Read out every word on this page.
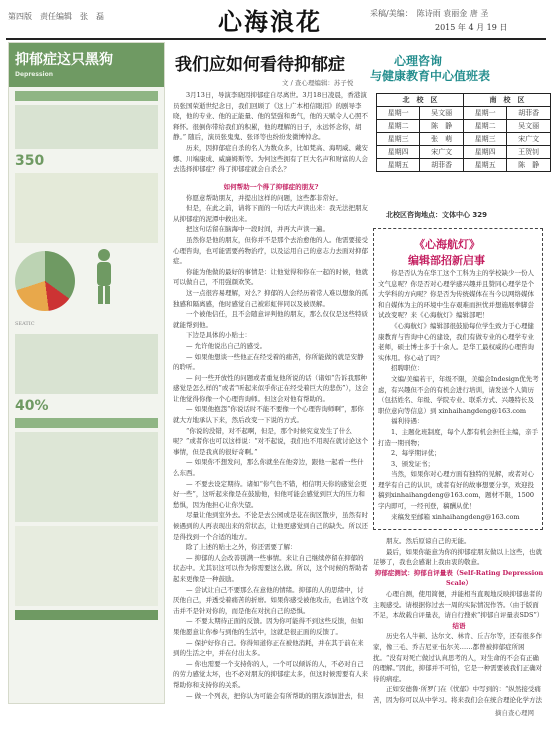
第四版　责任编辑　张　磊	心海浪花	采稿/美编：　陈诗雨 袁丽金 唐 圣
2015 年 4 月 19 日
抑郁症这只黑狗
Depression
350

SEATIC
40%
我们应如何看待抑郁症
文 / 查心理编辑：苏子悦

3月13日，导演李晓因抑郁症自尽离世。3月18日凌晨，香港演员张国荣逝世纪念日，我们回顾了《这上广本相信眼泪》的剧导李晓，他的专业、他的正能量、他的坚强和勇气，他的天赋令人心照不释怀。很倒你带给我们的积累，他的理解的日子，永远怀念你，胡静。” 随后，演员张鬼鬼、张译等也纷纷发微博悼念。

历来，因抑郁症自杀的名人为数众多，比如梵高、海明威、戴安娜、川端康成、威廉姆斯等。为何这些拥有了巨大名声和财富的人会去选择抑郁症？得了抑郁症就会自杀么？

如何帮助一个得了抑郁症的朋友?

你愿意帮助朋友，并提出这样的问题，这些都非常好。

但是，在此之前，请将下面的一句话大声读出来：我无法把朋友从抑郁症的泥潭中救出来。

把这句话留在脑海中一段时间，并再大声读一遍。

虽然你是他的朋友，但你并不是那个去治愈他的人。他需要接受心理咨询，也可能需要药物治疗，以及运用自己的意志力去面对抑郁症。

你能为他做的最好的事情是：让他觉得和你在一起的时候，他就可以做自己，不用强颜欢笑。

这一点很容易理解，对么？抑郁的人会经历着常人难以想象的孤独感和隔离感，他时感觉自己被彩虹伴同以及被误解。

一个被他信任，且不会随意评判他的朋友，那么仅仅是这些特质就能帮到他。

下边是具体的小贴士：

— 允许他说出自己的感受。

— 如果他想谈一些他正在经受着的痛苦，你所能做的就是安静的聆听。

— 问一些开放性的问题或者重复他所说的话（诸如“告诉我那种感觉是怎么样的”或者“听起来似乎你正在经受着巨大的悲伤”），这会让他觉得你像一个心理咨询师。但这会对他有帮助的。

— 如果他抱怨“你说话时不能不要像一个心理咨询师啊”，那你就大方地承认下来，然后改变一下说的方式。

“你说的没错，对不起啊，但是，那个时候究竟发生了什么呢？”或者你也可以这样说：“对不起说，我们也不用现在就讨论这个事情，但是我真的很好奇啊。”

— 如果你不想发问，那么你就坐在他旁边，跟他一起看一些什么东西。

— 不要去设定期待。诸如“你气色不错，相信明天你的感觉会更好一些”，这听起来像是在鼓励他，但他可能会感觉到巨大的压力和愁惧，因为他担心让你失望。

尽量让他到室外去。不论是去公园或是花在街区散步，虽然有时候遇到的人再表现出来的常状态，让他更感觉到自己的缺失。所以还是得找到一个合适的地方。

除了上述的贴士之外，你还需要了解：

— 抑郁的人会改善别满一些事情。来让自己继续停留在抑郁的状态中。尤其识这可以作为你需要这么做。所以，这个时候的帮助者起来更像是一种鼓励。

— 尝试让自己不要那么在意他的情绪。抑郁的人的思绪中，讨厌他自己，并透受着痛苦的折磨。如果你感受被他攻击，也请这个攻击并不是针对你的，而是他在对抗自己的恐惧。

— 不要太期待正面的反馈。因为你可能得不到这些反馈，但如果他愿意让你参与到他的生活中，这就是很正面的反馈了。

— 保护好你自己。你得知道你正在被他消耗，并在其于前在来到的生活之中，并在付出太多。

— 你也需要一个支持你的人，一个可以倾诉的人，不必对自己的劳力感觉太坏，也不必对朋友的抑郁症太多，但这时候需要有人来帮助你和支持你的关系。

— 做一个列表，把你认为可能会有所帮助的朋友添加进去，但

心理咨询
与健康教育中心值班表
北　校　区		南　校　区	
星期一	吴文丽	星期一	胡菲香
星期二	陈　静	星期二	吴文丽
星期三	张　萌	星期三	宋广文
星期四	宋广文	星期四	王贺钊
星期五	胡菲香	星期五	陈　静
北校区咨询地点：文体中心 329
《心海航灯》
编辑部招新启事

你是否认为在华工这个工科为主的学校缺少一份人文气息呢？你是否对心理学感兴趣并且赞同心理学是个大学科的方向呢？你是否为传统媒体在当今以网络媒体和自媒体为主的环境中生存艰难而担忧并想施展拳脚尝试改变呢？来《心海航灯》编辑部吧！

《心海航灯》编辑部很鼓励每位学生致力于心理健康教育与咨询中心的建设，我们有做专业的心理学专业老师，硕士博士多于十余人。是华工最权威的心理咨询实体用。你心动了吗？

招聘职位：

文编/美编若干，年级不限，美编会Indesign优先考虑，有兴趣但不会的有机会进行培训，请发送个人简历（包括姓名、年级、学院专业、联系方式、兴趣特长及职位意向等信息）到 xinhaihangdeng@163.com

福利待遇：

1、主题化班制度，每个人都有机会担任主编，亲手打造一期刊物；

2、每学期评优；

3、颁发证书；

当然，如果你对心理方面有独特的见解，或者对心理学有自己的认识，或者有好的故事想要分享，欢迎投稿到xinhaihangdeng@163.com，题材不限，1500字内即可，一经刊登，稿酬从优！

来稿发至邮箱 xinhaihangdeng@163.com

朋友。然后原谅自己的无能。

最后，如果你能意为你的抑郁症朋友做以上这些，也就足够了，我也会感谢上我由衷的敬意。

抑郁症测试：抑郁自评量表（Self-Rating Depression Scale）

心理自测，使用简便，并能相当直观地反映抑郁患者的主观感受。请根据你过去一周的实际情况作答。（由于版面不足，本故载自评量表，请自行搜索“抑郁自评量表SDS”）

结语

历史名人牛顿、达尔文、林肯、丘吉尔等，还有很多作家，像三毛、乔吉尼亚·伍尔芙……都曾被抑郁症所困扰。“没有对死亡做过认真思考的人，对生命的不会有正确的理解。”因此，抑郁并不可怕，它是一种需要被我们正确对待的病症。

正如安德鲁·所罗门在《忧郁》中写到的：“纵然接受痛苦，因为你可以从中学习。将来我们会在统合理论化学方法

摘自查心理网
